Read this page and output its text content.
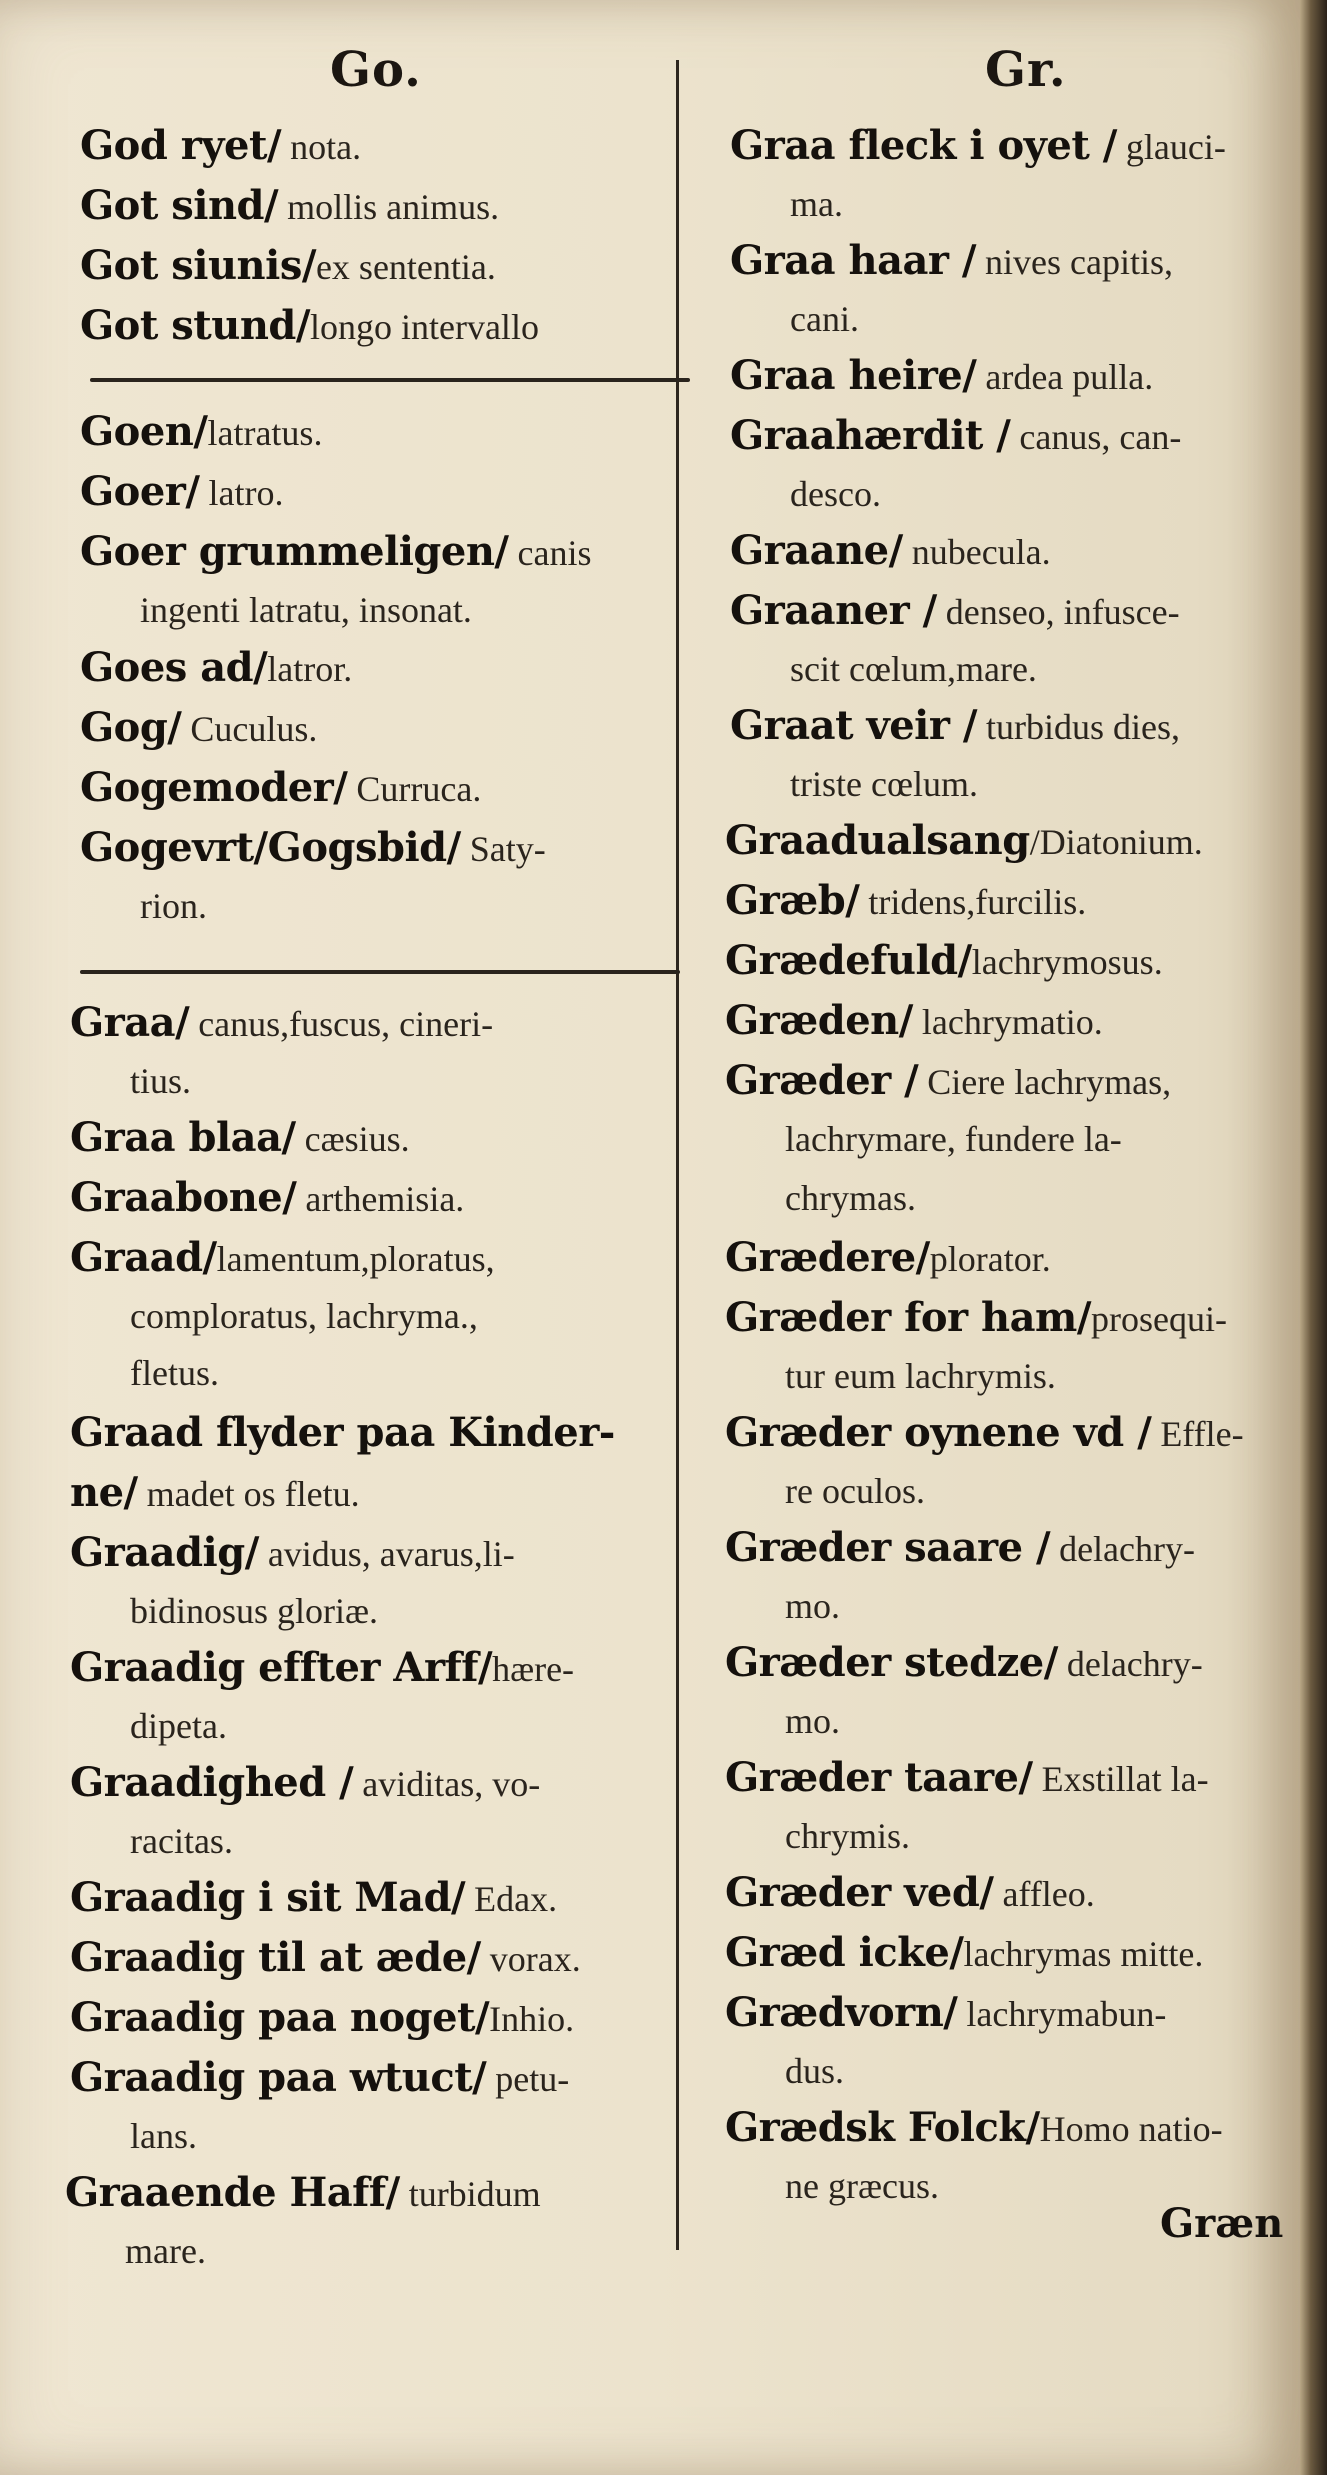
Go.	Gr.
God ryet/ nota.
Got sind/ mollis animus.
Got siunis/ex sententia.
Got stund/longo intervallo
Goen/latratus.
Goer/ latro.
Goer grummeligen/ canis
ingenti latratu, insonat.
Goes ad/latror.
Gog/ Cuculus.
Gogemoder/ Curruca.
Gogevrt/Gogsbid/ Saty-
rion.
Graa/ canus,fuscus, cineri-
tius.
Graa blaa/ cæsius.
Graabone/ arthemisia.
Graad/lamentum,ploratus,
comploratus, lachryma.,
fletus.
Graad flyder paa Kinder-
ne/ madet os fletu.
Graadig/ avidus, avarus,li-
bidinosus gloriæ.
Graadig effter Arff/hære-
dipeta.
Graadighed / aviditas, vo-
racitas.
Graadig i sit Mad/ Edax.
Graadig til at æde/ vorax.
Graadig paa noget/Inhio.
Graadig paa wtuct/ petu-
lans.
Graaende Haff/ turbidum
mare.
Graa fleck i oyet / glauci-
ma.
Graa haar / nives capitis,
cani.
Graa heire/ ardea pulla.
Graahærdit / canus, can-
desco.
Graane/ nubecula.
Graaner / denseo, infusce-
scit cœlum,mare.
Graat veir / turbidus dies,
triste cœlum.
Graadualsang/Diatonium.
Græb/ tridens,furcilis.
Grædefuld/lachrymosus.
Græden/ lachrymatio.
Græder / Ciere lachrymas,
lachrymare, fundere la-
chrymas.
Grædere/plorator.
Græder for ham/prosequi-
tur eum lachrymis.
Græder oynene vd / Effle-
re oculos.
Græder saare / delachry-
mo.
Græder stedze/ delachry-
mo.
Græder taare/ Exstillat la-
chrymis.
Græder ved/ affleo.
Græd icke/lachrymas mitte.
Grædvorn/ lachrymabun-
dus.
Grædsk Folck/Homo natio-
ne græcus.
Græn
